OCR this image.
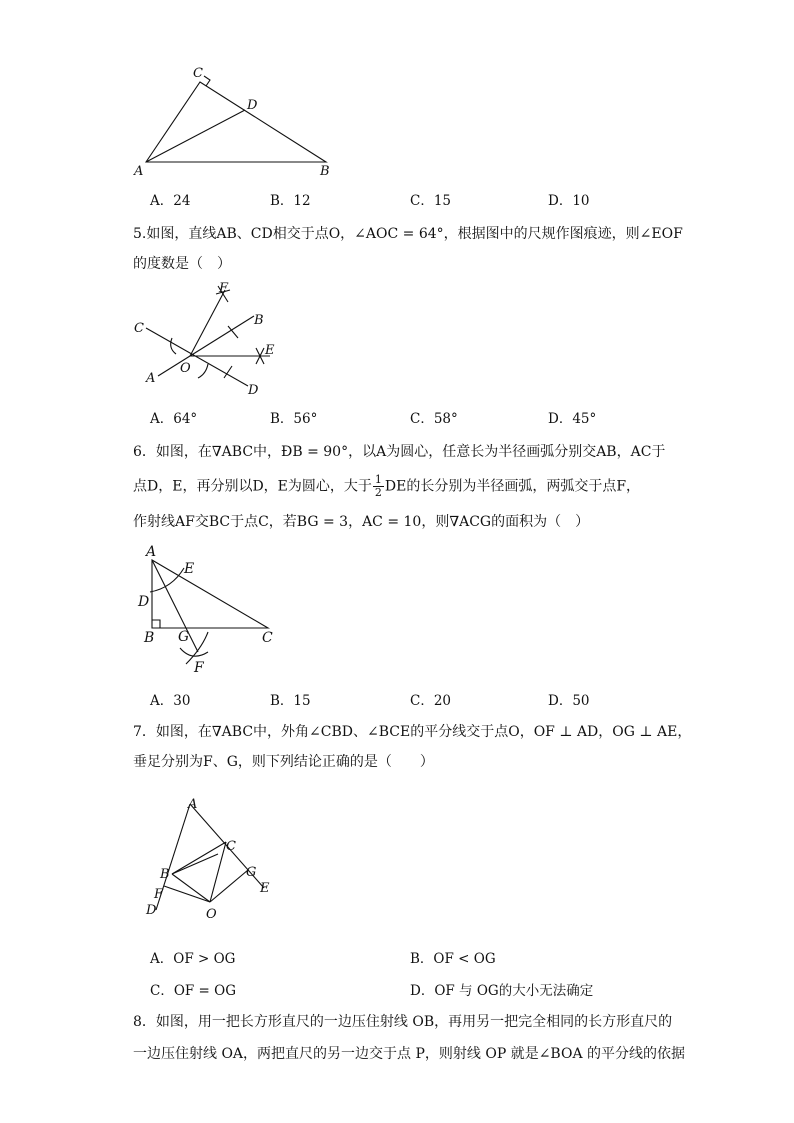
C
D
A	B
A．24	B．12	C．15	D．10
5.如图，直线AB、CD相交于点O，∠AOC = 64°，根据图中的尺规作图痕迹，则∠EOF
的度数是（　）
F
B
C
E
O
A
D
A．64°	B．56°	C．58°	D．45°
6．如图，在∇ABC中，ÐB = 90°，以A为圆心，任意长为半径画弧分别交AB，AC于
点D，E，再分别以D，E为圆心，大于 $\frac{1}{2}$ DE的长分别为半径画弧，两弧交于点F，
作射线AF交BC于点C，若BG = 3，AC = 10，则∇ACG的面积为（　）
A
E
D
B G	C
F
A．30	B．15	C．20	D．50
7．如图，在∇ABC中，外角∠CBD、∠BCE的平分线交于点O，OF ⊥ AD，OG ⊥ AE，
垂足分别为F、G，则下列结论正确的是（　　）
A
C
B	G
F	E
D	O
A．OF > OG	B．OF < OG
C．OF = OG	D．OF 与 OG的大小无法确定
8．如图，用一把长方形直尺的一边压住射线 OB，再用另一把完全相同的长方形直尺的
一边压住射线 OA，两把直尺的另一边交于点 P，则射线 OP 就是∠BOA 的平分线的依据
